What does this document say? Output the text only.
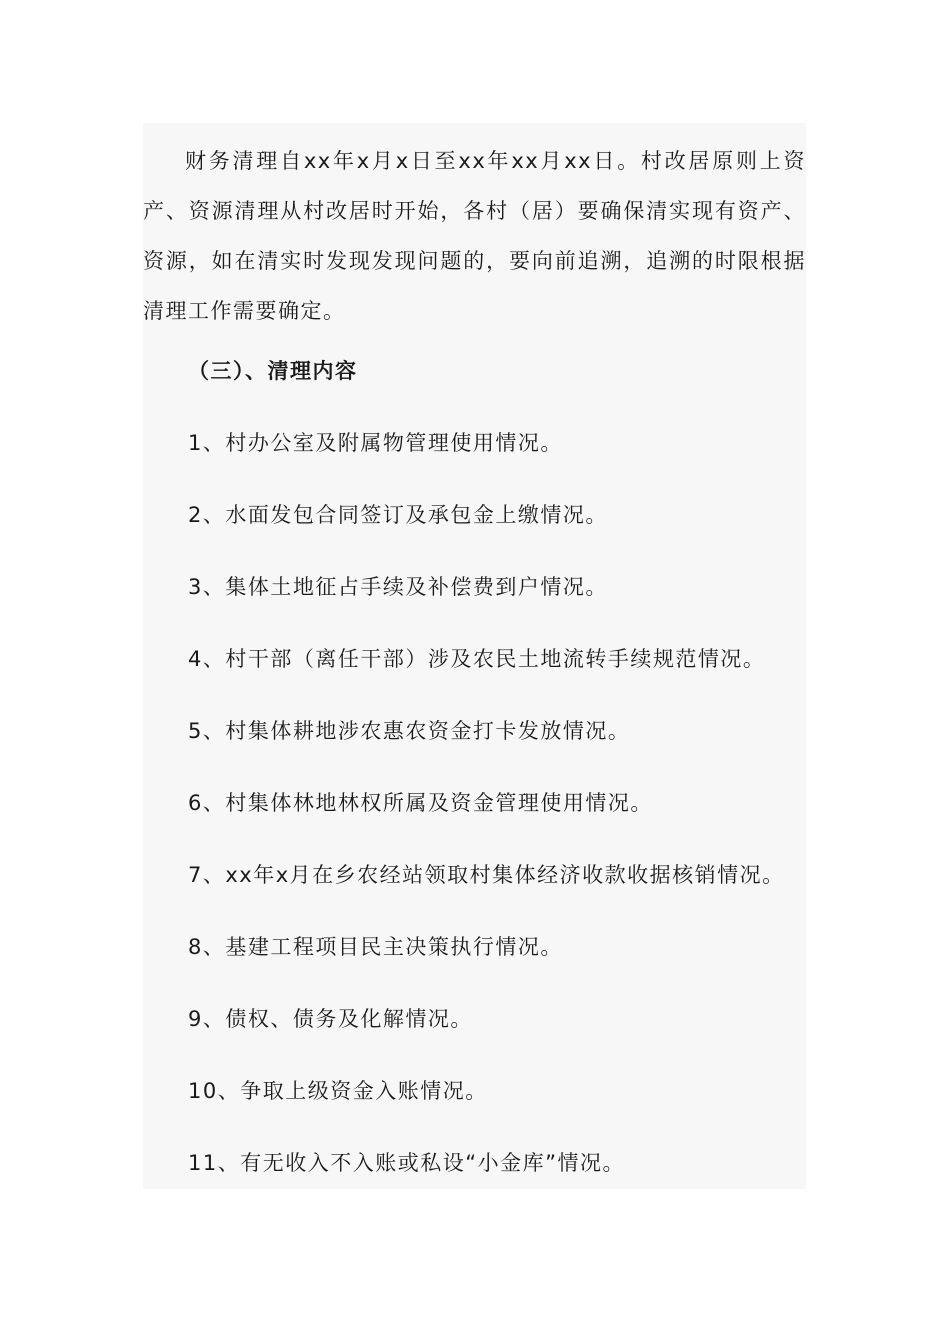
财务清理自xx年x月x日至xx年xx月xx日。村改居原则上资产、资源清理从村改居时开始，各村（居）要确保清实现有资产、资源，如在清实时发现发现问题的，要向前追溯，追溯的时限根据清理工作需要确定。

（三）、清理内容
1、村办公室及附属物管理使用情况。
2、水面发包合同签订及承包金上缴情况。
3、集体土地征占手续及补偿费到户情况。
4、村干部（离任干部）涉及农民土地流转手续规范情况。
5、村集体耕地涉农惠农资金打卡发放情况。
6、村集体林地林权所属及资金管理使用情况。
7、xx年x月在乡农经站领取村集体经济收款收据核销情况。
8、基建工程项目民主决策执行情况。
9、债权、债务及化解情况。
10、争取上级资金入账情况。
11、有无收入不入账或私设“小金库”情况。
